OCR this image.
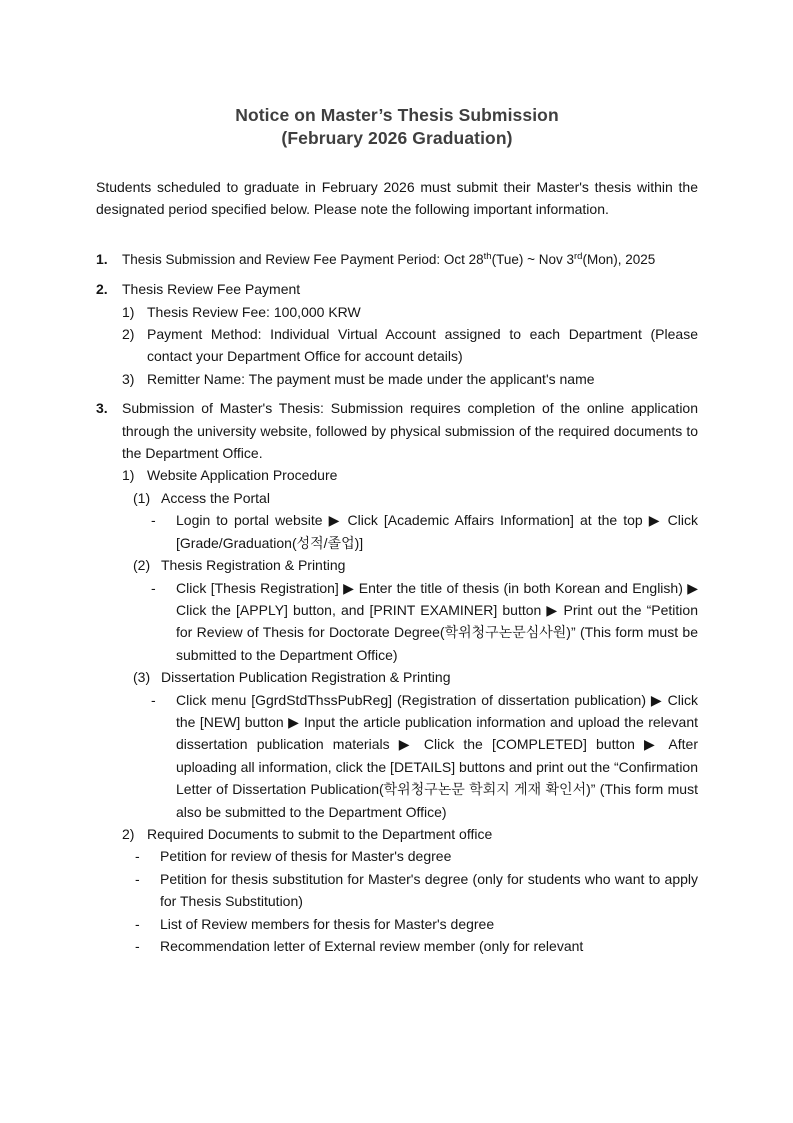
Notice on Master’s Thesis Submission
(February 2026 Graduation)

Students scheduled to graduate in February 2026 must submit their Master's thesis within the designated period specified below. Please note the following important information.

1.	Thesis Submission and Review Fee Payment Period: Oct 28th(Tue) ~ Nov 3rd(Mon), 2025
2.	Thesis Review Fee Payment
1) Thesis Review Fee: 100,000 KRW
2) Payment Method: Individual Virtual Account assigned to each Department (Please contact your Department Office for account details)
3) Remitter Name: The payment must be made under the applicant's name
3.	Submission of Master's Thesis: Submission requires completion of the online application through the university website, followed by physical submission of the required documents to the Department Office.
1) Website Application Procedure
(1) Access the Portal
-	Login to portal website ▶ Click [Academic Affairs Information] at the top ▶ Click [Grade/Graduation(성적/졸업)]
(2) Thesis Registration & Printing
-	Click [Thesis Registration] ▶ Enter the title of thesis (in both Korean and English) ▶ Click the [APPLY] button, and [PRINT EXAMINER] button ▶ Print out the “Petition for Review of Thesis for Doctorate Degree(학위청구논문심사원)” (This form must be submitted to the Department Office)
(3) Dissertation Publication Registration & Printing
-	Click menu [GgrdStdThssPubReg] (Registration of dissertation publication) ▶ Click the [NEW] button ▶ Input the article publication information and upload the relevant dissertation publication materials ▶ Click the [COMPLETED] button ▶ After uploading all information, click the [DETAILS] buttons and print out the “Confirmation Letter of Dissertation Publication(학위청구논문 학회지 게재 확인서)” (This form must also be submitted to the Department Office)
2) Required Documents to submit to the Department office
-	Petition for review of thesis for Master's degree
-	Petition for thesis substitution for Master's degree (only for students who want to apply for Thesis Substitution)
-	List of Review members for thesis for Master's degree
-	Recommendation letter of External review member (only for relevant
